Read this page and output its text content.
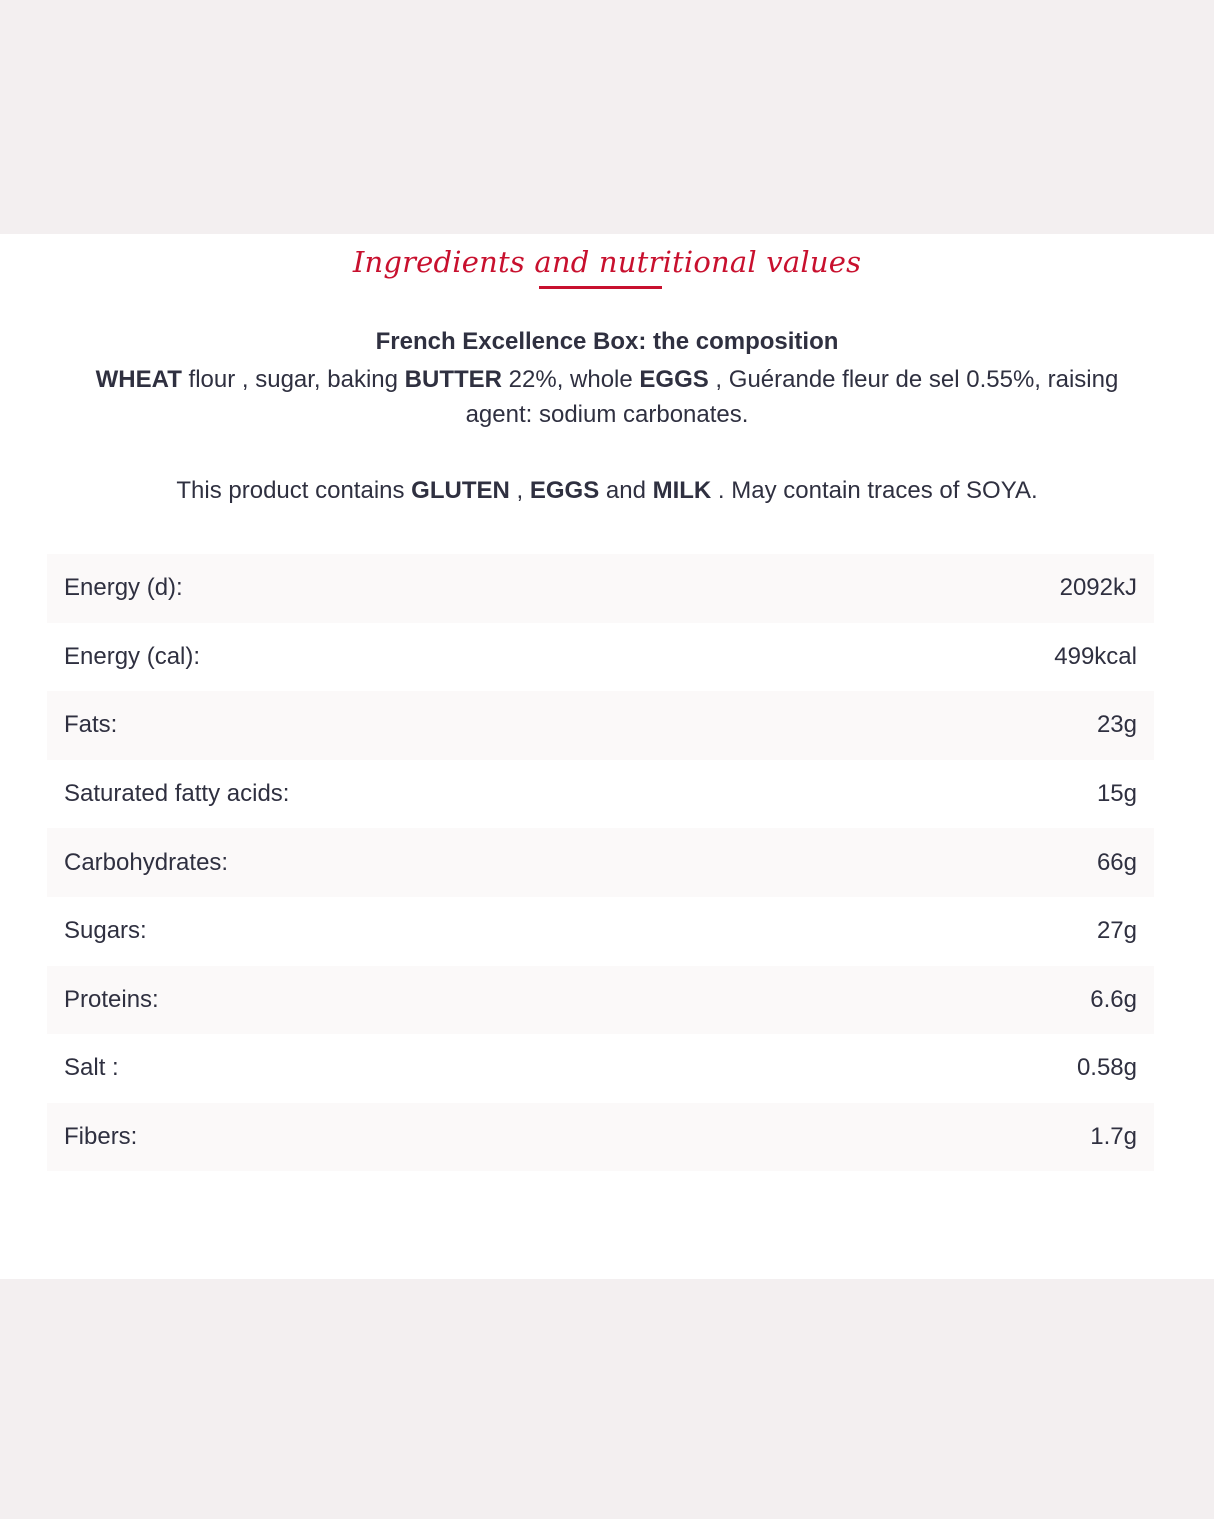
Ingredients and nutritional values
French Excellence Box: the composition
WHEAT flour , sugar, baking BUTTER 22%, whole EGGS , Guérande fleur de sel 0.55%, raising agent: sodium carbonates.
This product contains GLUTEN , EGGS and MILK . May contain traces of SOYA.
Energy (d):	2092kJ
Energy (cal):	499kcal
Fats:	23g
Saturated fatty acids:	15g
Carbohydrates:	66g
Sugars:	27g
Proteins:	6.6g
Salt :	0.58g
Fibers:	1.7g
